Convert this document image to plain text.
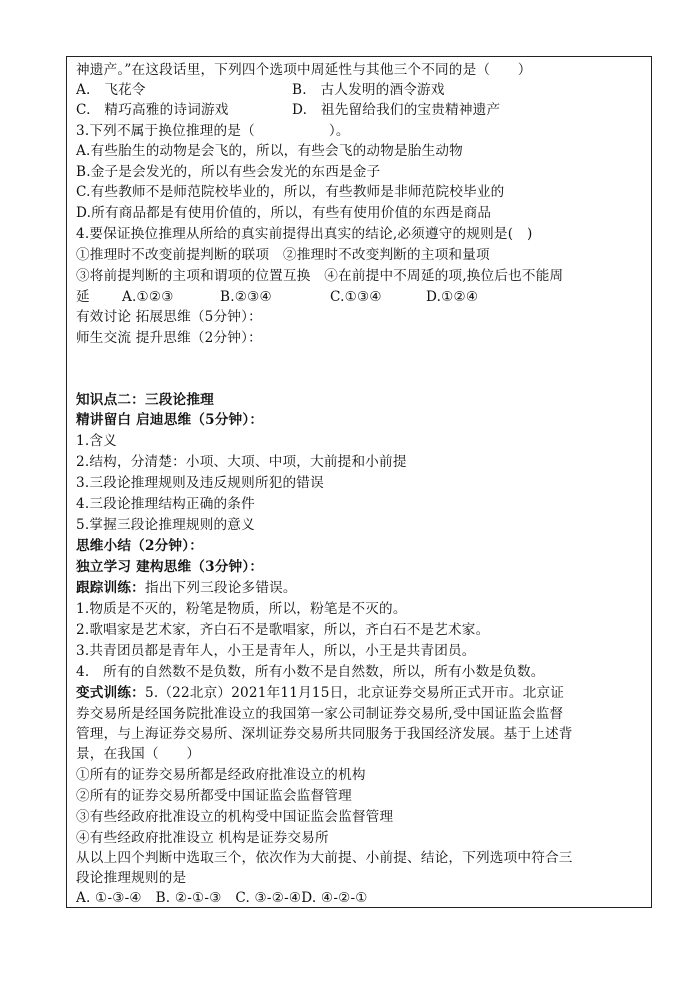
神遗产。”在这段话里，下列四个选项中周延性与其他三个不同的是（　　）
A.　飞花令	B.　古人发明的酒令游戏
C.　精巧高雅的诗词游戏	D.　祖先留给我们的宝贵精神遗产
3.下列不属于换位推理的是（	）。
A.有些胎生的动物是会飞的，所以，有些会飞的动物是胎生动物
B.金子是会发光的，所以有些会发光的东西是金子
C.有些教师不是师范院校毕业的，所以，有些教师是非师范院校毕业的
D.所有商品都是有使用价值的，所以，有些有使用价值的东西是商品
4.要保证换位推理从所给的真实前提得出真实的结论,必须遵守的规则是(　)
①推理时不改变前提判断的联项　②推理时不改变判断的主项和量项
③将前提判断的主项和谓项的位置互换　④在前提中不周延的项,换位后也不能周
延 A.①②③	B.②③④	C.①③④	D.①②④
有效讨论 拓展思维（5分钟）：
师生交流 提升思维（2分钟）：
知识点二：三段论推理
精讲留白 启迪思维（5分钟）：
1.含义
2.结构，分清楚：小项、大项、中项，大前提和小前提
3.三段论推理规则及违反规则所犯的错误
4.三段论推理结构正确的条件
5.掌握三段论推理规则的意义
思维小结（2分钟）：
独立学习 建构思维（3分钟）：
跟踪训练：指出下列三段论多错误。
1.物质是不灭的，粉笔是物质，所以，粉笔是不灭的。
2.歌唱家是艺术家，齐白石不是歌唱家，所以，齐白石不是艺术家。
3.共青团员都是青年人，小王是青年人，所以，小王是共青团员。
4.　所有的自然数不是负数，所有小数不是自然数，所以，所有小数是负数。
变式训练：5.（22北京）2021年11月15日，北京证券交易所正式开市。北京证
券交易所是经国务院批准设立的我国第一家公司制证券交易所,受中国证监会监督
管理，与上海证券交易所、深圳证券交易所共同服务于我国经济发展。基于上述背
景，在我国（　　）
①所有的证券交易所都是经政府批准设立的机构
②所有的证券交易所都受中国证监会监督管理
③有些经政府批准设立的机构受中国证监会监督管理
④有些经政府批准设立 机构是证券交易所
从以上四个判断中选取三个，依次作为大前提、小前提、结论，下列选项中符合三
段论推理规则的是
A. ①-③-④　B. ②-①-③　C. ③-②-④D. ④-②-①
